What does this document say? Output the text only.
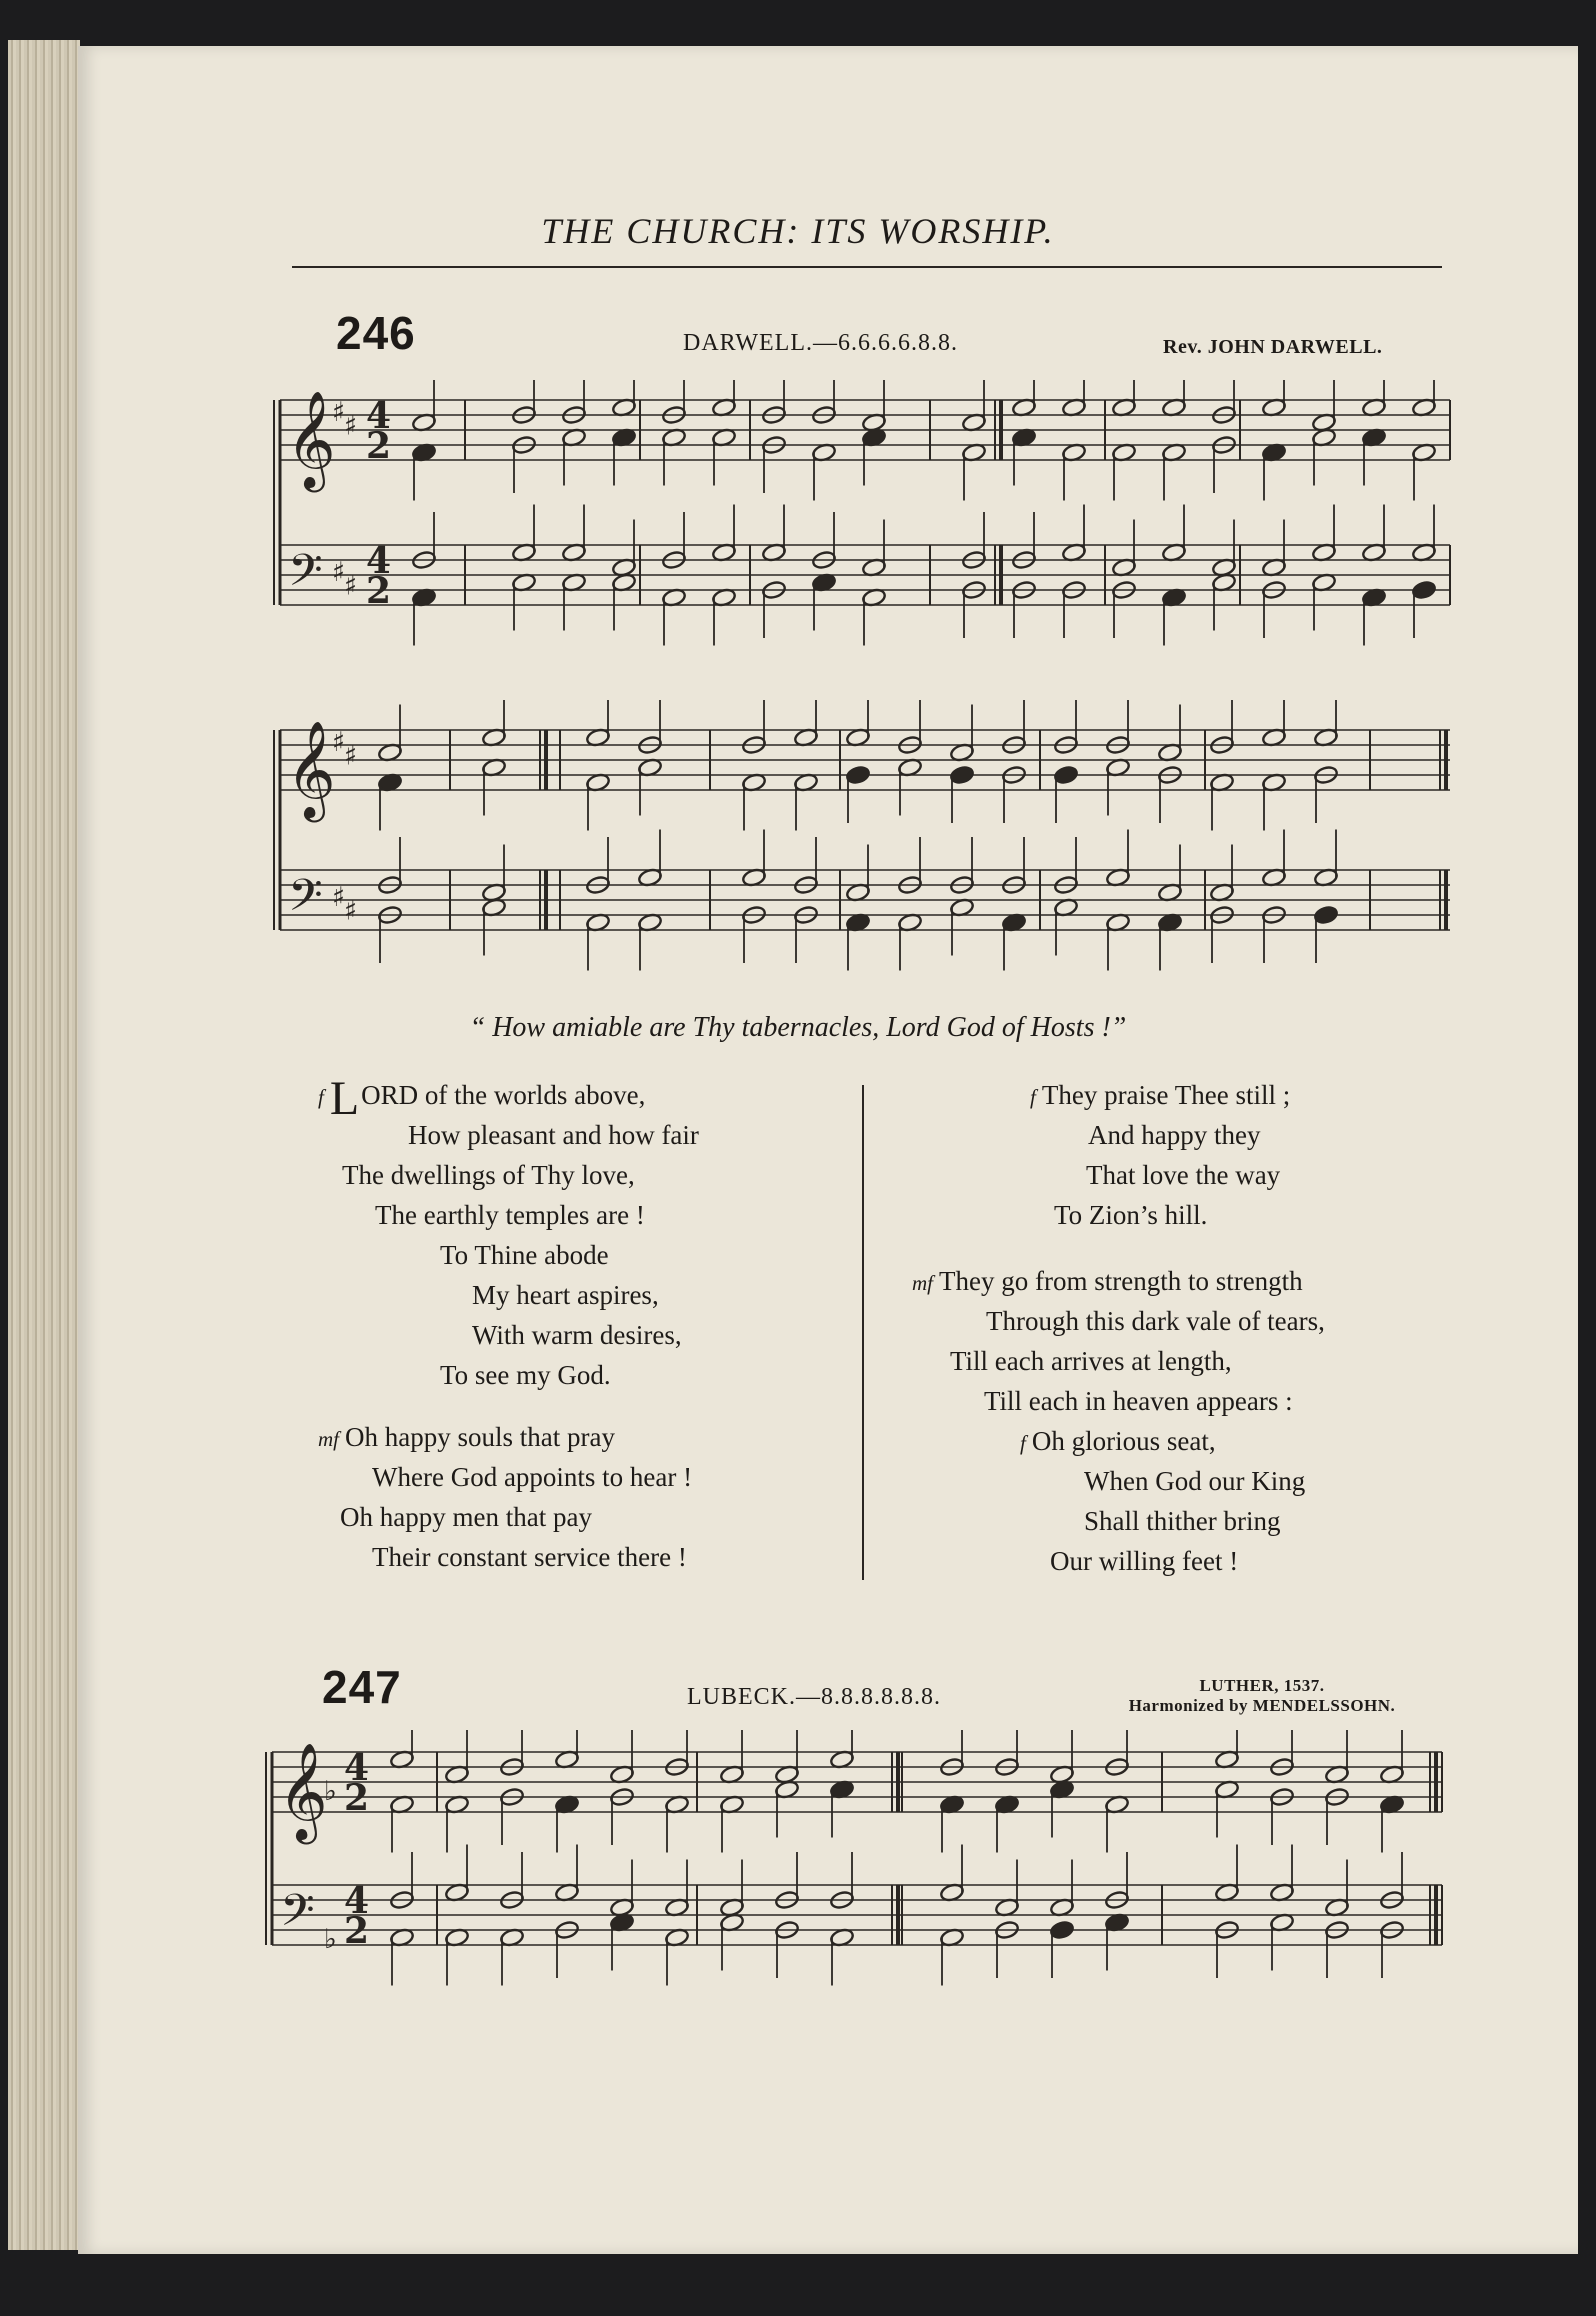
THE CHURCH: ITS WORSHIP.
246	DARWELL.—6.6.6.6.8.8.	Rev. JOHN DARWELL.
𝄞
𝄢
♯
♯
♯
♯
4
2
4
2
𝄞
𝄢
♯
♯
♯
♯
“ How amiable are Thy tabernacles, Lord God of Hosts !”
f LORD of the worlds above,
How pleasant and how fair
The dwellings of Thy love,
The earthly temples are !
To Thine abode
My heart aspires,
With warm desires,
To see my God.
mf Oh happy souls that pray
Where God appoints to hear !
Oh happy men that pay
Their constant service there !
f They praise Thee still ;
And happy they
That love the way
To Zion’s hill.
mf They go from strength to strength
Through this dark vale of tears,
Till each arrives at length,
Till each in heaven appears :
f Oh glorious seat,
When God our King
Shall thither bring
Our willing feet !
247	LUBECK.—8.8.8.8.8.8.	LUTHER, 1537.
Harmonized by MENDELSSOHN.
𝄞
𝄢
♭
♭
4
2
4
2
